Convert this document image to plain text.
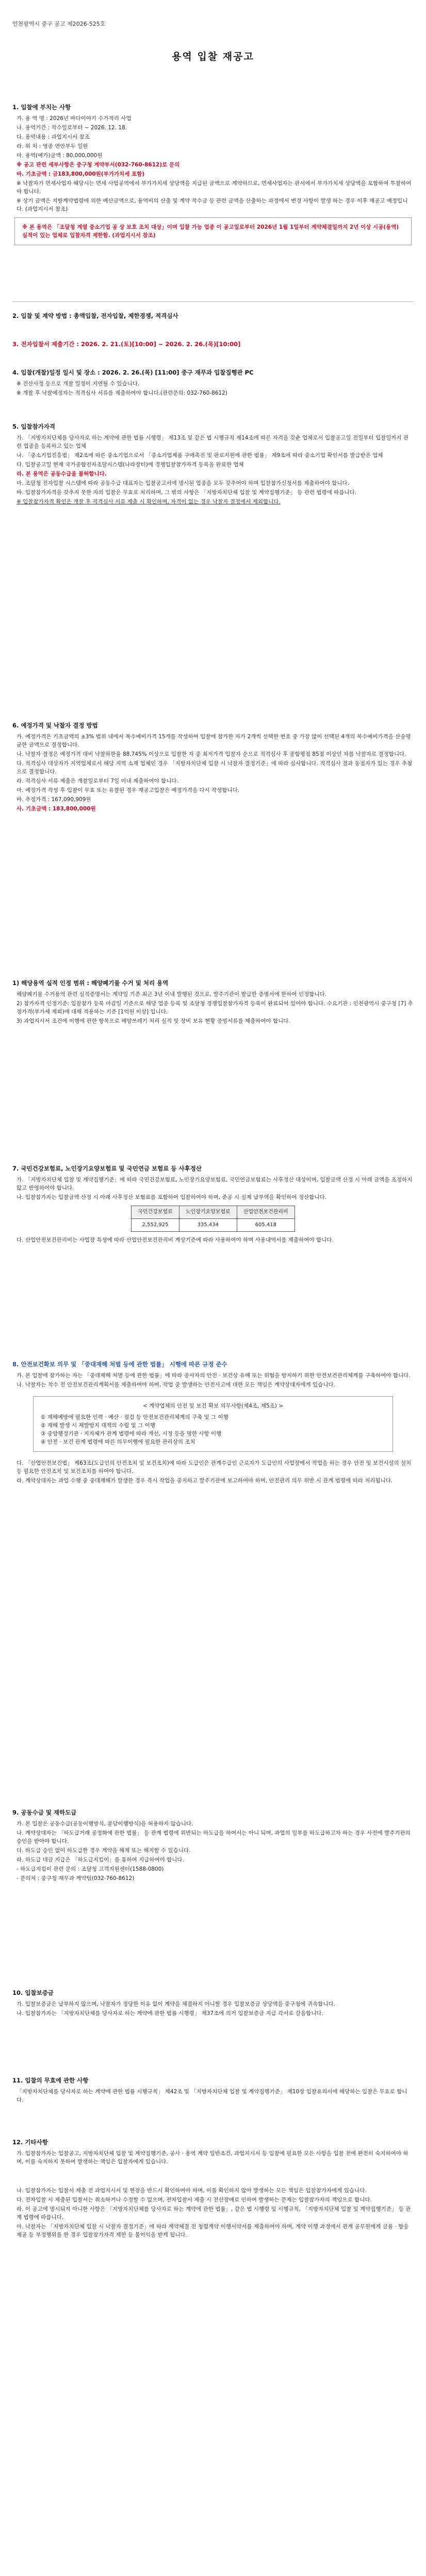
인천광역시 중구 공고 제2026-525호
용역 입찰 재공고
1. 입찰에 부치는 사항
가. 용 역 명 : 2026년 바다이야기 수가적리 사업
나. 용역기간 : 착수일로부터 ~ 2026. 12. 18.
다. 용역내용 : 과업지시서 참조
라. 위 치 : 영종 연안부두 일원
마. 용역(예가)금액 : 80,000,000원
※ 공고 관련 세부사항은 중구청 계약부서(032-760-8612)로 문의
바. 기초금액 : 금183,800,000원(부가가치세 포함)
※ 낙찰자가 면세사업자 해당시는 면세 사업공역에서 부가가치세 상당액을 지급된 금액으로 계약하므로, 면세사업자는 관서에서 부가가치세 상당액을 포함하여 투찰하여야 합니다.
※ 상기 금액은 지방계약법령에 의한 예산금액으로, 용역비의 산출 및 계약 착수금 등 관련 금액을 산출하는 과정에서 변경 사항이 발생 하는 경우 이후 재공고 예정입니다. (과업지시서 참조)
※ 본 용역은 「조달청 계열 중소기업 공 상 보호 조치 대상」이며 입찰 가능 업종 이 공고일로부터 2026년 1월 1일부터 계약체결일까지 2년 이상 시공(용역) 실적이 있는 업체로 입찰자격 제한함. (과업지시서 참조)
2. 입찰 및 계약 방법 : 총액입찰, 전자입찰, 제한경쟁, 적격심사
3. 전자입찰서 제출기간 : 2026. 2. 21.(토)[10:00] ~ 2026. 2. 26.(목)[10:00]
4. 입찰(개찰)일정 일시 및 장소 : 2026. 2. 26.(목) [11:00] 중구 재무과 입찰집행관 PC
※ 전산사정 등으로 개찰 일정이 지연될 수 있습니다.
※ 개찰 후 낙찰예정자는 적격심사 서류를 제출하여야 합니다.(관련문의: 032-760-8612)
5. 입찰참가자격
가. 「지방자치단체를 당사자로 하는 계약에 관한 법률 시행령」 제13조 및 같은 법 시행규칙 제14조에 따른 자격을 갖춘 업체로서 입찰공고일 전일부터 입찰일까지 관련 업종을 등록하고 있는 업체
나. 「중소기업진흥법」 제2조에 따른 중소기업으로서 「중소기업제품 구매촉진 및 판로지원에 관한 법률」 제9조에 따라 중소기업 확인서를 발급받은 업체
다. 입찰공고일 현재 국가종합전자조달시스템(나라장터)에 경쟁입찰참가자격 등록을 완료한 업체
라. 본 용역은 공동수급을 불허합니다.
마. 조달청 전자입찰 시스템에 따라 공동수급 대표자는 입찰공고서에 명시된 업종을 모두 갖추어야 하며 입찰참가신청서를 제출하여야 합니다.
바. 입찰참가자격을 갖추지 못한 자의 입찰은 무효로 처리하며, 그 밖의 사항은 「지방자치단체 입찰 및 계약집행기준」 등 관련 법령에 따릅니다.
※ 입찰참가자격 확인은 개찰 후 적격심사 서류 제출 시 확인하며, 자격이 없는 경우 낙찰자 결정에서 제외합니다.
6. 예정가격 및 낙찰자 결정 방법
가. 예정가격은 기초금액의 ±3% 범위 내에서 복수예비가격 15개를 작성하여 입찰에 참가한 자가 2개씩 선택한 번호 중 가장 많이 선택된 4개의 복수예비가격을 산술평균한 금액으로 결정합니다.
나. 낙찰자 결정은 예정가격 대비 낙찰하한율 88.745% 이상으로 입찰한 자 중 최저가격 입찰자 순으로 적격심사 후 종합평점 85점 이상인 자를 낙찰자로 결정합니다.
다. 적격심사 대상자가 지역업체로서 해당 지역 소재 업체인 경우 「지방자치단체 입찰 시 낙찰자 결정기준」에 따라 심사합니다. 적격심사 결과 동점자가 있는 경우 추첨으로 결정합니다.
라. 적격심사 서류 제출은 개찰일로부터 7일 이내 제출하여야 합니다.
마. 예정가격 작성 후 입찰이 무효 또는 유찰된 경우 재공고입찰은 예정가격을 다시 작성합니다.
바. 추정가격 : 167,090,909원
사. 기초금액 : 183,800,000원
1) 해당용역 실적 인정 범위 : 해양폐기물 수거 및 처리 용역
해양폐기물 수거용역 관련 실적증명서는 계약일 기준 최근 3년 이내 발행된 것으로, 발주기관이 발급한 증명서에 한하여 인정합니다.
2) 참가자격 인정기준: 입찰참가 등록 마감일 기준으로 해당 업종 등록 및 조달청 경쟁입찰참가자격 등록이 완료되어 있어야 합니다. 수요기관 : 인천광역시 중구청 [7] 추정가격(부가세 제외)에 대해 적용하는 기준 [1억원 이상] 입니다.
3) 과업지시서 조건에 이행에 관한 항목으로 해양쓰레기 처리 실적 및 장비 보유 현황 증빙서류를 제출하여야 합니다.
7. 국민건강보험료, 노인장기요양보험료 및 국민연금 보험료 등 사후정산
가. 「지방자치단체 입찰 및 계약집행기준」에 따라 국민건강보험료, 노인장기요양보험료, 국민연금보험료는 사후정산 대상이며, 입찰금액 산정 시 아래 금액을 조정하지 않고 반영하여야 합니다.
나. 입찰참가자는 입찰금액 산정 시 아래 사후정산 보험료를 포함하여 입찰하여야 하며, 준공 시 실제 납부액을 확인하여 정산합니다.
국민건강보험료	노인장기요양보험료	산업안전보건관리비
2,552,925	335,434	605,418
다. 산업안전보건관리비는 사업장 특성에 따라 산업안전보건관리비 계상기준에 따라 사용하여야 하며 사용내역서를 제출하여야 합니다.
8. 안전보건확보 의무 및 「중대재해 처벌 등에 관한 법률」 시행에 따른 규정 준수
가. 본 입찰에 참가하는 자는 「중대재해 처벌 등에 관한 법률」에 따라 종사자의 안전 · 보건상 유해 또는 위험을 방지하기 위한 안전보건관리체계를 구축하여야 합니다.
나. 낙찰자는 착수 전 안전보건관리계획서를 제출하여야 하며, 작업 중 발생하는 안전사고에 대한 모든 책임은 계약상대자에게 있습니다.
< 계약업체의 안전 및 보건 확보 의무사항(제4조, 제5조) >
① 재해예방에 필요한 인력 · 예산 · 점검 등 안전보건관리체계의 구축 및 그 이행
② 재해 발생 시 재발방지 대책의 수립 및 그 이행
③ 중앙행정기관 · 지자체가 관계 법령에 따라 개선, 시정 등을 명한 사항 이행
④ 안전 · 보건 관계 법령에 따른 의무이행에 필요한 관리상의 조치
다. 「산업안전보건법」 제63조(도급인의 안전조치 및 보건조치)에 따라 도급인은 관계수급인 근로자가 도급인의 사업장에서 작업을 하는 경우 안전 및 보건시설의 설치 등 필요한 안전조치 및 보건조치를 하여야 합니다.
라. 계약상대자는 과업 수행 중 중대재해가 발생한 경우 즉시 작업을 중지하고 발주기관에 보고하여야 하며, 안전관리 의무 위반 시 관계 법령에 따라 처리됩니다.
9. 공동수급 및 재하도급
가. 본 입찰은 공동수급(공동이행방식, 분담이행방식)을 허용하지 않습니다.
나. 계약상대자는 「하도급거래 공정화에 관한 법률」 등 관계 법령에 위반되는 하도급을 하여서는 아니 되며, 과업의 일부를 하도급하고자 하는 경우 사전에 발주기관의 승인을 받아야 합니다.
다. 하도급 승인 없이 하도급한 경우 계약을 해제 또는 해지할 수 있습니다.
라. 하도급 대금 지급은 「하도급지킴이」를 통하여 지급하여야 합니다.
- 하도급지킴이 관련 문의 : 조달청 고객지원센터(1588-0800)
- 문의처 : 중구청 재무과 계약팀(032-760-8612)
10. 입찰보증금
가. 입찰보증금은 납부하지 않으며, 낙찰자가 정당한 이유 없이 계약을 체결하지 아니할 경우 입찰보증금 상당액을 중구청에 귀속합니다.
나. 입찰참가자는 「지방자치단체를 당사자로 하는 계약에 관한 법률 시행령」 제37조에 의거 입찰보증금 지급 각서로 갈음합니다.
11. 입찰의 무효에 관한 사항
「지방자치단체를 당사자로 하는 계약에 관한 법률 시행규칙」 제42조 및 「지방자치단체 입찰 및 계약집행기준」 제10장 입찰유의서에 해당하는 입찰은 무효로 합니다.
12. 기타사항
가. 입찰참가자는 입찰공고, 지방자치단체 입찰 및 계약집행기준, 공사 · 용역 계약 일반조건, 과업지시서 등 입찰에 필요한 모든 사항을 입찰 전에 완전히 숙지하여야 하며, 이를 숙지하지 못하여 발생하는 책임은 입찰자에게 있습니다.
나. 입찰참가자는 입찰서 제출 전 과업지시서 및 현장을 반드시 확인하여야 하며, 이를 확인하지 않아 발생하는 모든 책임은 입찰참가자에게 있습니다.
다. 전자입찰 시 제출된 입찰서는 취소하거나 수정할 수 없으며, 전자입찰서 제출 시 전산장애로 인하여 발생하는 문제는 입찰참가자의 책임으로 합니다.
라. 이 공고에 명시되지 아니한 사항은 「지방자치단체를 당사자로 하는 계약에 관한 법률」, 같은 법 시행령 및 시행규칙, 「지방자치단체 입찰 및 계약집행기준」 등 관계 법령에 따릅니다.
마. 낙찰자는 「지방자치단체 입찰 시 낙찰자 결정기준」에 따라 계약체결 전 청렴계약 이행서약서를 제출하여야 하며, 계약 이행 과정에서 관계 공무원에게 금품 · 향응 제공 등 부정행위를 한 경우 입찰참가자격 제한 등 불이익을 받게 됩니다.
